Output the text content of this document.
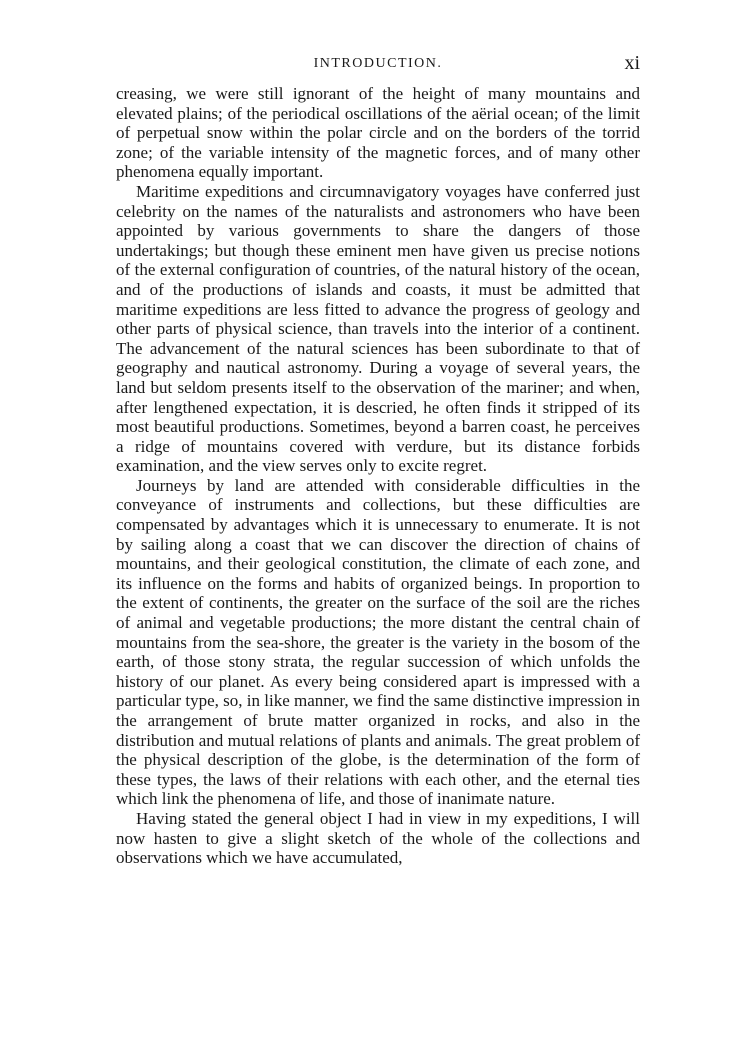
INTRODUCTION.	xi

creasing, we were still ignorant of the height of many mountains and elevated plains; of the periodical oscillations of the aërial ocean; of the limit of perpetual snow within the polar circle and on the borders of the torrid zone; of the variable intensity of the magnetic forces, and of many other phenomena equally important.

Maritime expeditions and circumnavigatory voyages have conferred just celebrity on the names of the naturalists and astronomers who have been appointed by various governments to share the dangers of those undertakings; but though these eminent men have given us precise notions of the external configuration of countries, of the natural history of the ocean, and of the productions of islands and coasts, it must be admitted that maritime expeditions are less fitted to advance the progress of geology and other parts of physical science, than travels into the interior of a continent. The advancement of the natural sciences has been subordinate to that of geography and nautical astronomy. During a voyage of several years, the land but seldom presents itself to the observation of the mariner; and when, after lengthened expectation, it is descried, he often finds it stripped of its most beautiful productions. Sometimes, beyond a barren coast, he perceives a ridge of mountains covered with verdure, but its distance forbids examination, and the view serves only to excite regret.

Journeys by land are attended with considerable difficulties in the conveyance of instruments and collections, but these difficulties are compensated by advantages which it is unnecessary to enumerate. It is not by sailing along a coast that we can discover the direction of chains of mountains, and their geological constitution, the climate of each zone, and its influence on the forms and habits of organized beings. In proportion to the extent of continents, the greater on the surface of the soil are the riches of animal and vegetable productions; the more distant the central chain of mountains from the sea-shore, the greater is the variety in the bosom of the earth, of those stony strata, the regular succession of which unfolds the history of our planet. As every being considered apart is impressed with a particular type, so, in like manner, we find the same distinctive impression in the arrangement of brute matter organized in rocks, and also in the distribution and mutual relations of plants and animals. The great problem of the physical description of the globe, is the determination of the form of these types, the laws of their relations with each other, and the eternal ties which link the phenomena of life, and those of inanimate nature.

Having stated the general object I had in view in my expeditions, I will now hasten to give a slight sketch of the whole of the collections and observations which we have accumulated,
